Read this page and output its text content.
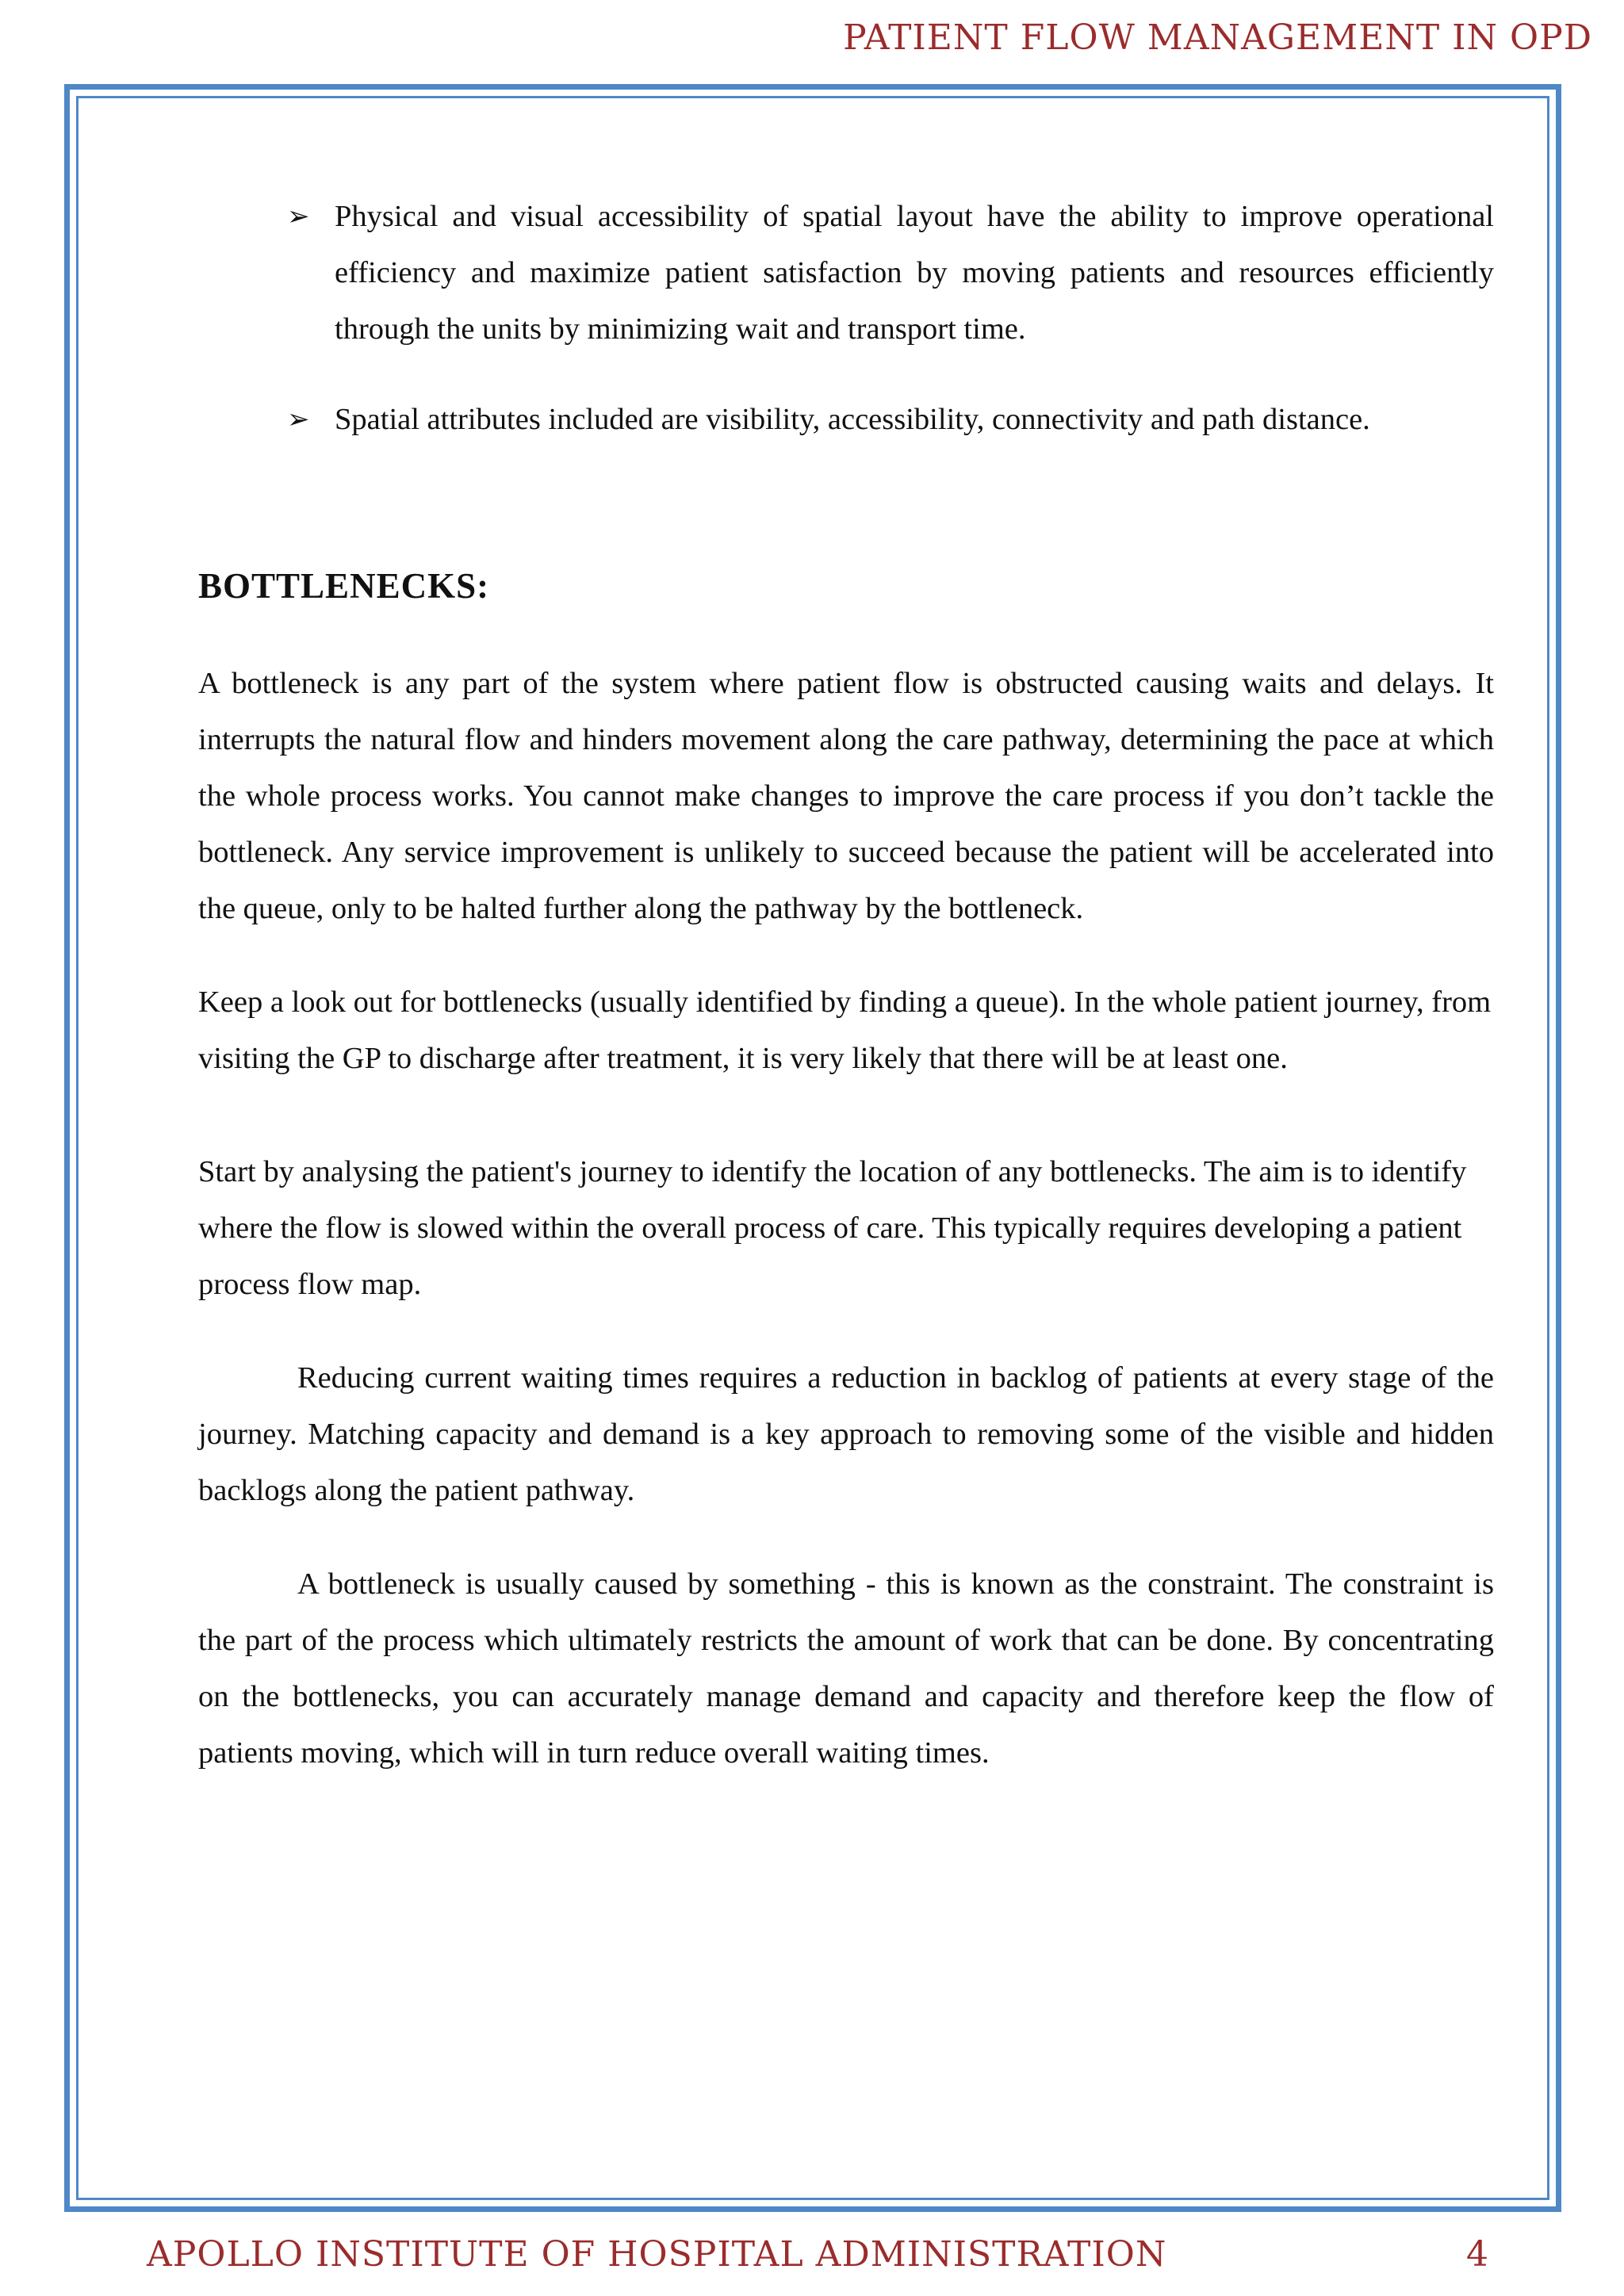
PATIENT FLOW MANAGEMENT IN OPD
➢ Physical and visual accessibility of spatial layout have the ability to improve operational efficiency and maximize patient satisfaction by moving patients and resources efficiently through the units by minimizing wait and transport time.
➢ Spatial attributes included are visibility, accessibility, connectivity and path distance.
BOTTLENECKS:

A bottleneck is any part of the system where patient flow is obstructed causing waits and delays. It interrupts the natural flow and hinders movement along the care pathway, determining the pace at which the whole process works. You cannot make changes to improve the care process if you don’t tackle the bottleneck. Any service improvement is unlikely to succeed because the patient will be accelerated into the queue, only to be halted further along the pathway by the bottleneck.

Keep a look out for bottlenecks (usually identified by finding a queue). In the whole patient journey, from visiting the GP to discharge after treatment, it is very likely that there will be at least one.

Start by analysing the patient's journey to identify the location of any bottlenecks. The aim is to identify where the flow is slowed within the overall process of care. This typically requires developing a patient process flow map.

Reducing current waiting times requires a reduction in backlog of patients at every stage of the journey. Matching capacity and demand is a key approach to removing some of the visible and hidden backlogs along the patient pathway.

A bottleneck is usually caused by something - this is known as the constraint. The constraint is the part of the process which ultimately restricts the amount of work that can be done. By concentrating on the bottlenecks, you can accurately manage demand and capacity and therefore keep the flow of patients moving, which will in turn reduce overall waiting times.

APOLLO INSTITUTE OF HOSPITAL ADMINISTRATION	4
